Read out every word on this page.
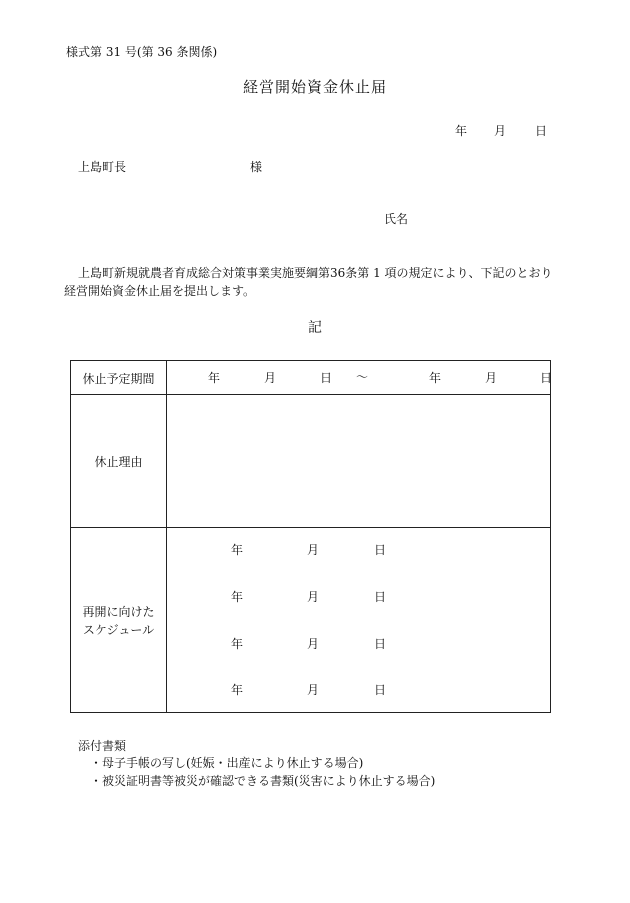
様式第 31 号(第 36 条関係)
経営開始資金休止届
年 月 日
上島町長	様
氏名
上島町新規就農者育成総合対策事業実施要綱第36条第 1 項の規定により、下記のとおり経営開始資金休止届を提出します。
記
休止予定期間	年	月	日 〜	年	月	日
休止理由
再開に向けた
スケジュール
年	月	日
年	月	日
年	月	日
年	月	日
添付書類
・母子手帳の写し(妊娠・出産により休止する場合)
・被災証明書等被災が確認できる書類(災害により休止する場合)
